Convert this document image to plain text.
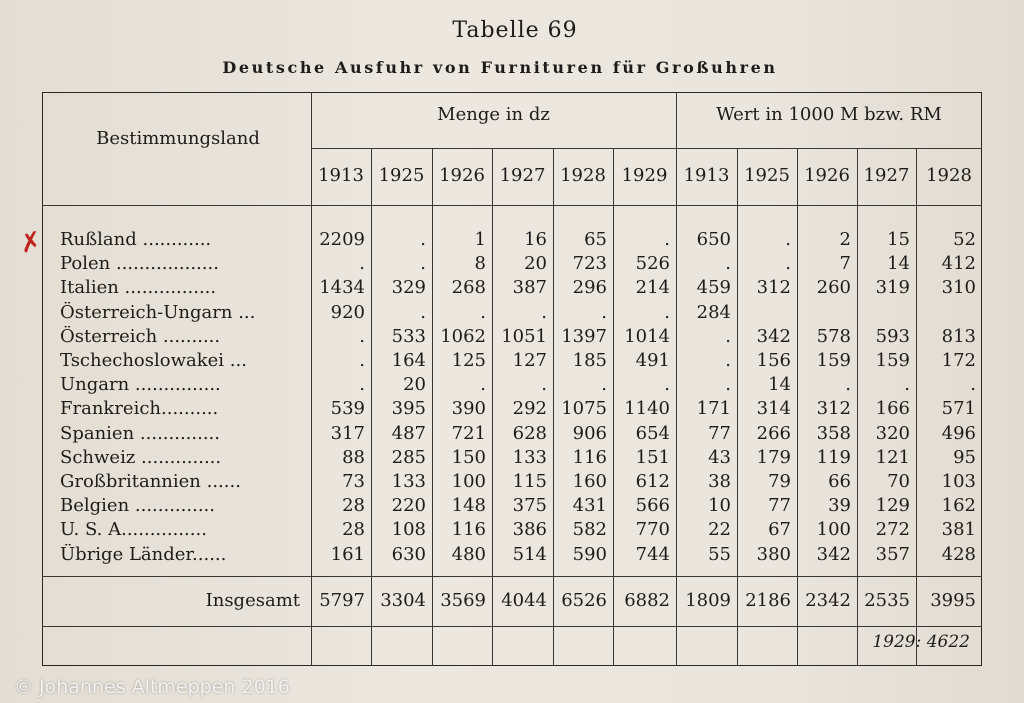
Tabelle 69
Deutsche Ausfuhr von Furnituren für Großuhren
Bestimmungsland
Menge in dz	Wert in 1000 M bzw. RM
1913 1925 1926 1927 1928 1929 1913 1925 1926 1927 1928
Rußland ............	2209	.	1	16	65	.	650	.	2	15	52
Polen ..................	.	.	8	20	723	526	.	.	7	14	412
Italien ................	1434	329	268	387	296	214	459	312	260	319	310
Österreich-Ungarn ...	920	.	.	.	.	.	284
Österreich ..........	.	533 1062 1051 1397 1014	.	342	578	593	813
Tschechoslowakei ...	.	164	125	127	185	491	.	156	159	159	172
Ungarn ...............	.	20	.	.	.	.	.	14	.	.	.
Frankreich..........	539	395	390	292 1075 1140	171	314	312	166	571
Spanien ..............	317	487	721	628	906	654	77	266	358	320	496
Schweiz ..............	88	285	150	133	116	151	43	179	119	121	95
Großbritannien ......	73	133	100	115	160	612	38	79	66	70	103
Belgien ..............	28	220	148	375	431	566	10	77	39	129	162
U. S. A...............	28	108	116	386	582	770	22	67	100	272	381
Übrige Länder......	161	630	480	514	590	744	55	380	342	357	428
Insgesamt	5797 3304 3569 4044 6526 6882 1809 2186 2342 2535	3995
1929: 4622
✗
© Johannes Altmeppen 2016
